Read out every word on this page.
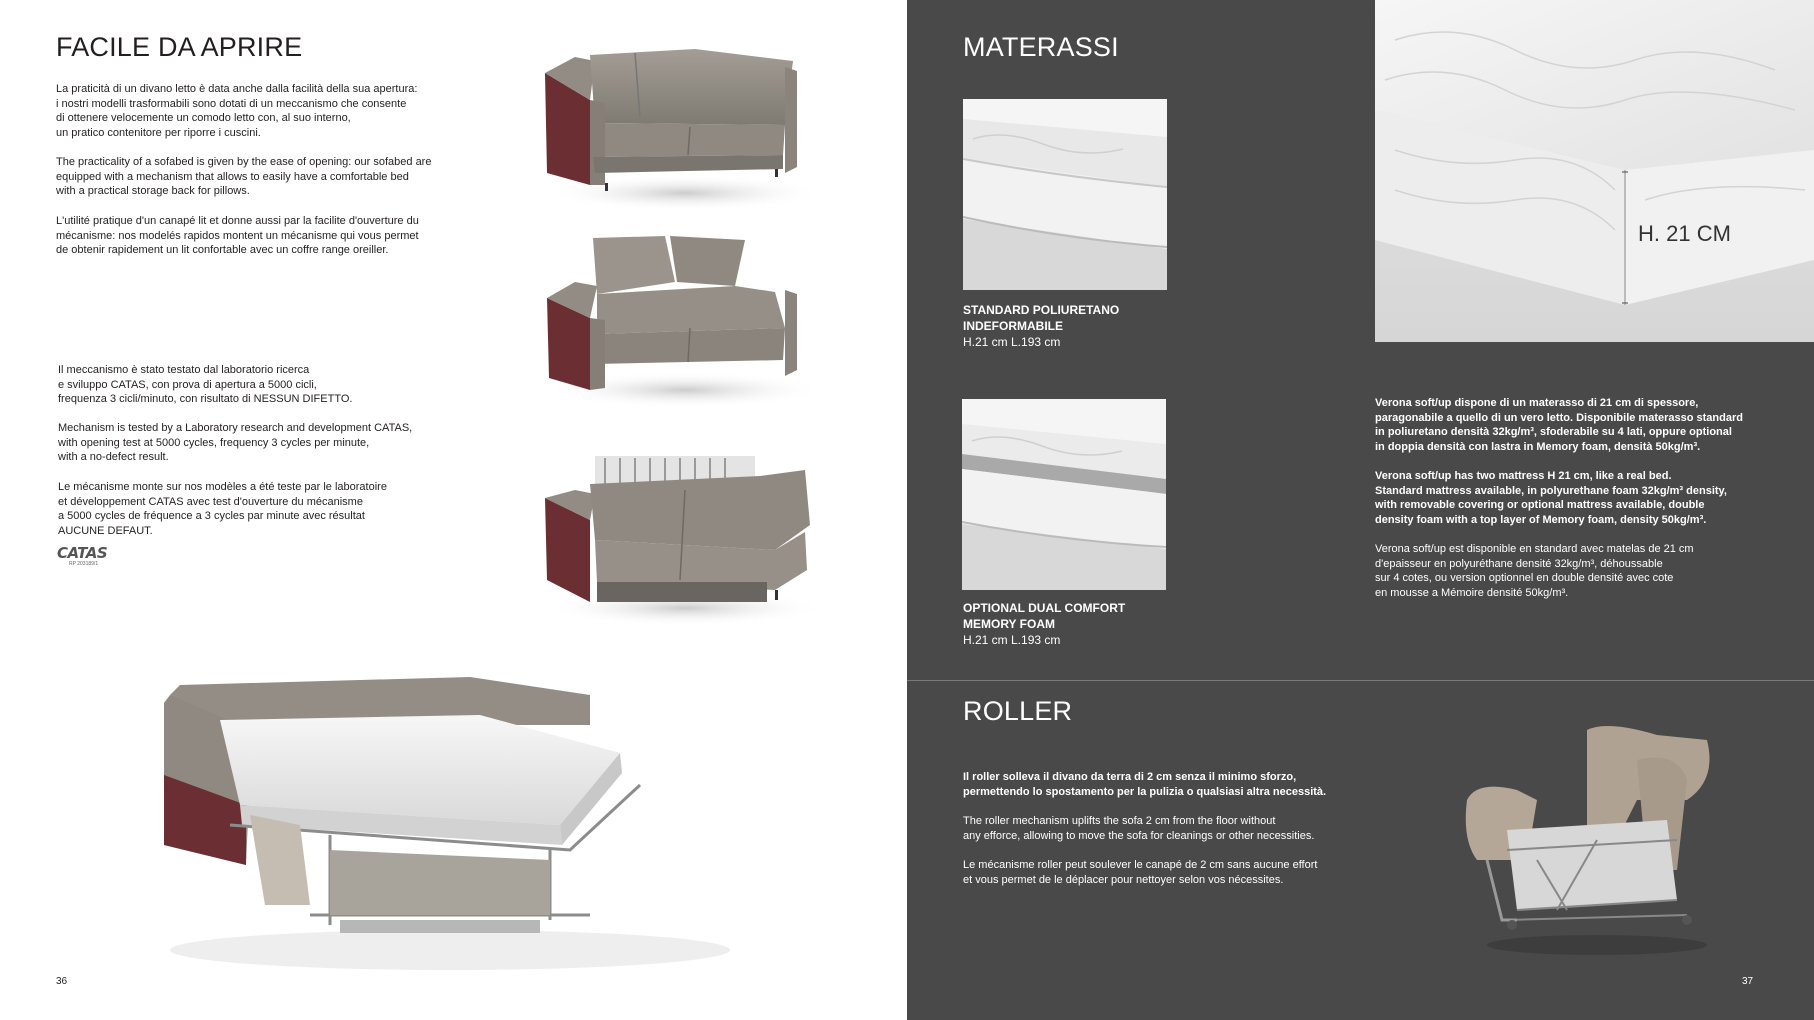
FACILE DA APRIRE
La praticità di un divano letto è data anche dalla facilità della sua apertura:
i nostri modelli trasformabili sono dotati di un meccanismo che consente
di ottenere velocemente un comodo letto con, al suo interno,
un pratico contenitore per riporre i cuscini.
The practicality of a sofabed is given by the ease of opening: our sofabed are
equipped with a mechanism that allows to easily have a comfortable bed
with a practical storage back for pillows.
L'utilité pratique d'un canapé lit et donne aussi par la facilite d'ouverture du
mécanisme: nos modelés rapidos montent un mécanisme qui vous permet
de obtenir rapidement un lit confortable avec un coffre range oreiller.
Il meccanismo è stato testato dal laboratorio ricerca
e sviluppo CATAS, con prova di apertura a 5000 cicli,
frequenza 3 cicli/minuto, con risultato di NESSUN DIFETTO.
Mechanism is tested by a Laboratory research and development CATAS,
with opening test at 5000 cycles, frequency 3 cycles per minute,
with a no-defect result.
Le mécanisme monte sur nos modèles a été teste par le laboratoire
et développement CATAS avec test d'ouverture du mécanisme
a 5000 cycles de fréquence a 3 cycles par minute avec résultat
AUCUNE DEFAUT.
CATAS
RP 203189/1
36
MATERASSI
STANDARD POLIURETANO
INDEFORMABILE
H.21 cm L.193 cm
OPTIONAL DUAL COMFORT
MEMORY FOAM
H.21 cm L.193 cm
H. 21 CM
Verona soft/up dispone di un materasso di 21 cm di spessore,
paragonabile a quello di un vero letto. Disponibile materasso standard
in poliuretano densità 32kg/m³, sfoderabile su 4 lati, oppure optional
in doppia densità con lastra in Memory foam, densità 50kg/m³.
Verona soft/up has two mattress H 21 cm, like a real bed.
Standard mattress available, in polyurethane foam 32kg/m³ density,
with removable covering or optional mattress available, double
density foam with a top layer of Memory foam, density 50kg/m³.
Verona soft/up est disponible en standard avec matelas de 21 cm
d'epaisseur en polyuréthane densité 32kg/m³, déhoussable
sur 4 cotes, ou version optionnel en double densité avec cote
en mousse a Mémoire densité 50kg/m³.
ROLLER
Il roller solleva il divano da terra di 2 cm senza il minimo sforzo,
permettendo lo spostamento per la pulizia o qualsiasi altra necessità.
The roller mechanism uplifts the sofa 2 cm from the floor without
any efforce, allowing to move the sofa for cleanings or other necessities.
Le mécanisme roller peut soulever le canapé de 2 cm sans aucune effort
et vous permet de le déplacer pour nettoyer selon vos nécessites.
37
